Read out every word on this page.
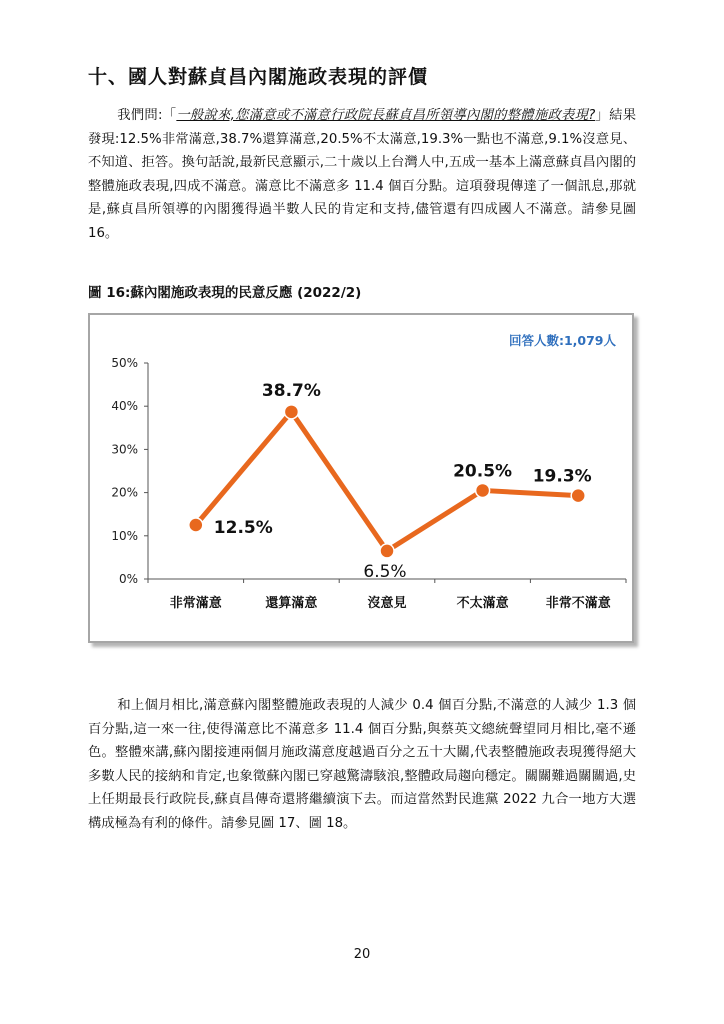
十、國人對蘇貞昌內閣施政表現的評價

我們問:「一般說來,您滿意或不滿意行政院長蘇貞昌所領導內閣的整體施政表現?」結果發現:12.5%非常滿意,38.7%還算滿意,20.5%不太滿意,19.3%一點也不滿意,9.1%沒意見、不知道、拒答。換句話說,最新民意顯示,二十歲以上台灣人中,五成一基本上滿意蘇貞昌內閣的整體施政表現,四成不滿意。滿意比不滿意多 11.4 個百分點。這項發現傳達了一個訊息,那就是,蘇貞昌所領導的內閣獲得過半數人民的肯定和支持,儘管還有四成國人不滿意。請參見圖 16。

圖 16:蘇內閣施政表現的民意反應 (2022/2)

0%
10%
20%
30%
40%
50%
非常滿意	還算滿意	沒意見	不太滿意	非常不滿意
12.5%
38.7%
6.5%
20.5% 19.3%
回答人數:1,079人

和上個月相比,滿意蘇內閣整體施政表現的人減少 0.4 個百分點,不滿意的人減少 1.3 個百分點,這一來一往,使得滿意比不滿意多 11.4 個百分點,與蔡英文總統聲望同月相比,毫不遜色。整體來講,蘇內閣接連兩個月施政滿意度越過百分之五十大關,代表整體施政表現獲得絕大多數人民的接納和肯定,也象徵蘇內閣已穿越驚濤駭浪,整體政局趨向穩定。關關難過關關過,史上任期最長行政院長,蘇貞昌傳奇還將繼續演下去。而這當然對民進黨 2022 九合一地方大選構成極為有利的條件。請參見圖 17、圖 18。

20
